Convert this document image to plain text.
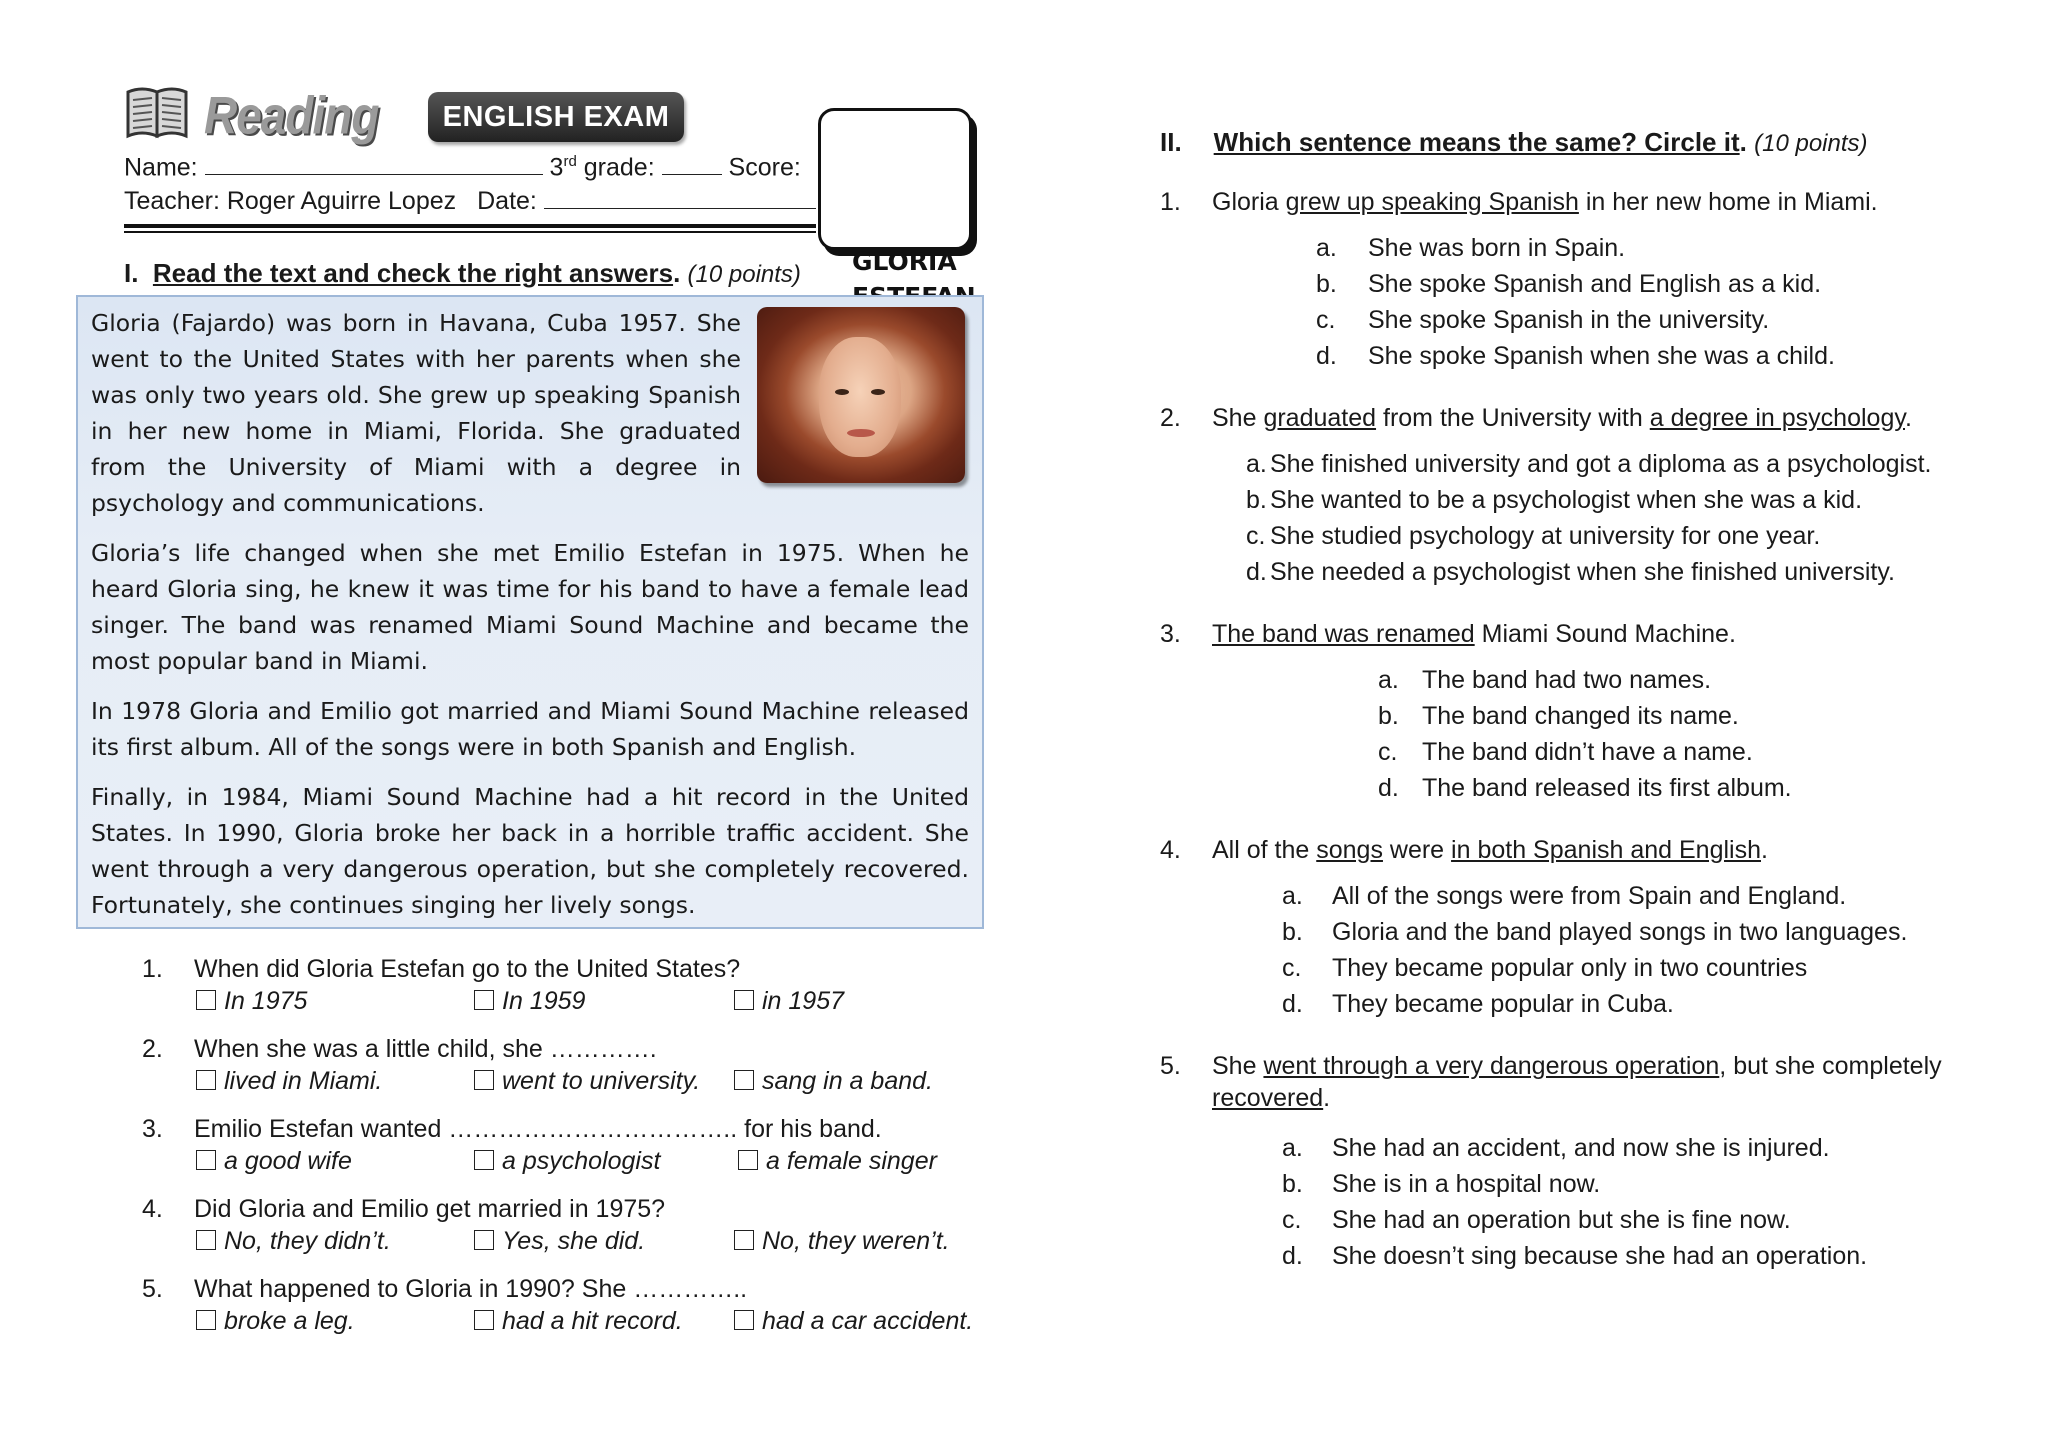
Reading	ENGLISH EXAM
Name:	3rd grade:	Score:
Teacher: Roger Aguirre Lopez Date:
I. Read the text and check the right answers. (10 points) GLORIA

Gloria (Fajardo) was born in Havana, Cuba 1957. She went to the United States with her parents when she was only two years old. She grew up speaking Spanish in her new home in Miami, Florida. She graduated from the University of Miami with a degree in psychology and communications.

Gloria’s life changed when she met Emilio Estefan in 1975. When he heard Gloria sing, he knew it was time for his band to have a female lead singer. The band was renamed Miami Sound Machine and became the most popular band in Miami.

In 1978 Gloria and Emilio got married and Miami Sound Machine released its first album. All of the songs were in both Spanish and English.

Finally, in 1984, Miami Sound Machine had a hit record in the United States. In 1990, Gloria broke her back in a horrible traffic accident. She went through a very dangerous operation, but she completely recovered. Fortunately, she continues singing her lively songs.

1. When did Gloria Estefan go to the United States?
In 1975	In 1959	in 1957
2. When she was a little child, she ………….
lived in Miami.	went to university.	sang in a band.
3. Emilio Estefan wanted …………………………….. for his band.
a good wife	a psychologist	a female singer
4. Did Gloria and Emilio get married in 1975?
No, they didn’t.	Yes, she did.	No, they weren’t.
5. What happened to Gloria in 1990? She …………..
broke a leg.	had a hit record.	had a car accident.
II. Which sentence means the same? Circle it. (10 points)
1. Gloria grew up speaking Spanish in her new home in Miami.
a. She was born in Spain.
b. She spoke Spanish and English as a kid.
c. She spoke Spanish in the university.
d. She spoke Spanish when she was a child.
2. She graduated from the University with a degree in psychology.
a. She finished university and got a diploma as a psychologist.
b. She wanted to be a psychologist when she was a kid.
c. She studied psychology at university for one year.
d. She needed a psychologist when she finished university.
3. The band was renamed Miami Sound Machine.
a. The band had two names.
b. The band changed its name.
c. The band didn’t have a name.
d. The band released its first album.
4. All of the songs were in both Spanish and English.
a. All of the songs were from Spain and England.
b. Gloria and the band played songs in two languages.
c. They became popular only in two countries
d. They became popular in Cuba.
5. She went through a very dangerous operation, but she completely
recovered.
a. She had an accident, and now she is injured.
b. She is in a hospital now.
c. She had an operation but she is fine now.
d. She doesn’t sing because she had an operation.
